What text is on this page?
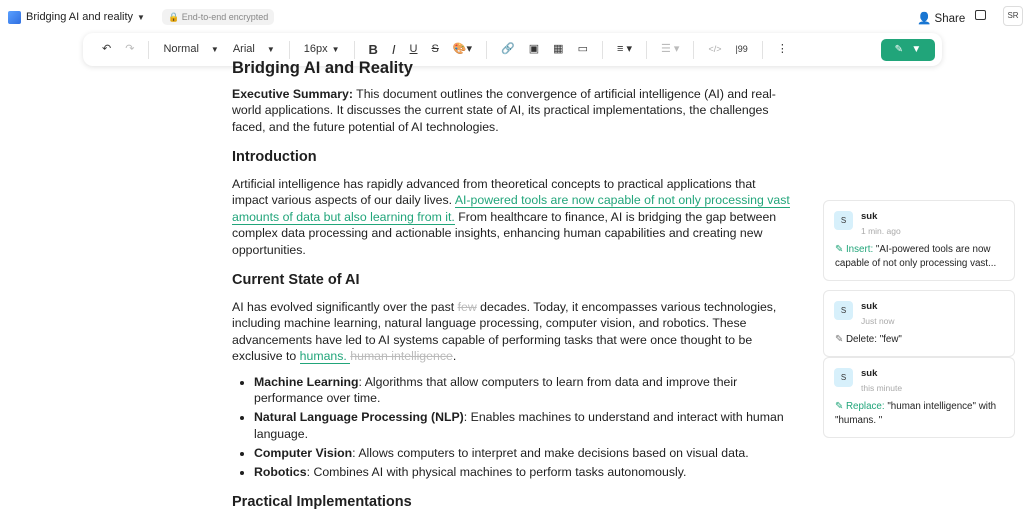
Bridging AI and reality ▼	🔒 End-to-end encrypted	👤 Share	SR
↶	↷	Normal ▼	Arial ▼	16px ▼	B	I	U	S	🎨▾	🔗	▣	▦	▭	≡ ▾	☰ ▾	</>	|99	⋮	✎ ▼
Bridging AI and Reality

Executive Summary: This document outlines the convergence of artificial intelligence (AI) and real-world applications. It discusses the current state of AI, its practical implementations, the challenges faced, and the future potential of AI technologies.

Introduction

Artificial intelligence has rapidly advanced from theoretical concepts to practical applications that impact various aspects of our daily lives. AI-powered tools are now capable of not only processing vast amounts of data but also learning from it. From healthcare to finance, AI is bridging the gap between complex data processing and actionable insights, enhancing human capabilities and creating new opportunities.

Current State of AI

AI has evolved significantly over the past few decades. Today, it encompasses various technologies, including machine learning, natural language processing, computer vision, and robotics. These advancements have led to AI systems capable of performing tasks that were once thought to be exclusive to humans. human intelligence.

• Machine Learning: Algorithms that allow computers to learn from data and improve their performance over time.
• Natural Language Processing (NLP): Enables machines to understand and interact with human language.
• Computer Vision: Allows computers to interpret and make decisions based on visual data.
• Robotics: Combines AI with physical machines to perform tasks autonomously.
Practical Implementations
S	suk
1 min. ago
✎ Insert: "AI-powered tools are now capable of not only processing vast...
S	suk
Just now
✎ Delete: "few"
S	suk
this minute
✎ Replace: "human intelligence" with "humans. "
